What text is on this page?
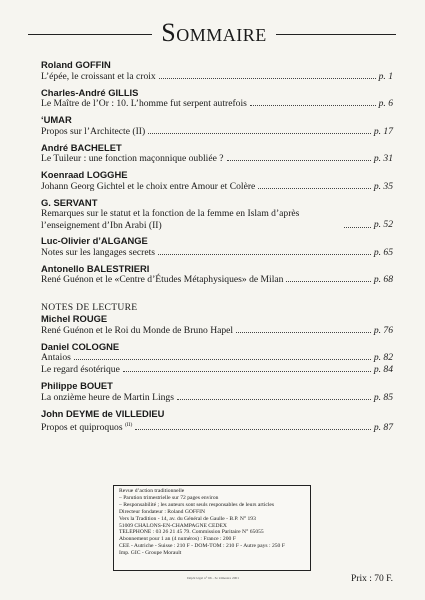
Sommaire
Roland GOFFIN
L’épée, le croissant et la croix	p. 1
Charles-André GILLIS
Le Maître de l’Or : 10. L’homme fut serpent autrefois	p. 6
‘UMAR
Propos sur l’Architecte (II)	p. 17
André BACHELET
Le Tuileur : une fonction maçonnique oubliée ?	p. 31
Koenraad LOGGHE
Johann Georg Gichtel et le choix entre Amour et Colère	p. 35
G. SERVANT
Remarques sur le statut et la fonction de la femme en Islam d’après l’enseignement d’Ibn Arabi (II)	p. 52
Luc-Olivier d’ALGANGE
Notes sur les langages secrets	p. 65
Antonello BALESTRIERI
René Guénon et le «Centre d’Études Métaphysiques» de Milan	p. 68
NOTES DE LECTURE
Michel ROUGE
René Guénon et le Roi du Monde de Bruno Hapel	p. 76
Daniel COLOGNE
Antaios	p. 82
Le regard ésotérique	p. 84
Philippe BOUET
La onzième heure de Martin Lings	p. 85
John DEYME de VILLEDIEU
Propos et quiproquos $^{(II)}$	p. 87
Revue d’action traditionnelle
– Parution trimestrielle sur 72 pages environ
– Responsabilité ; les auteurs sont seuls responsables de leurs articles
Directeur fondateur : Roland GOFFIN
Vers la Tradition - 14, av. du Général de Gaulle - B.P. N° 193
51009 CHÂLONS-EN-CHAMPAGNE CEDEX
TÉLÉPHONE : 03 26 21 45 79. Commission Paritaire N° 65055
Abonnement pour 1 an (4 numéros) : France : 200 F
CEE - Autriche - Suisse : 210 F - DOM-TOM : 210 F - Autre pays : 250 F
Imp. GIC - Groupe Morault
Dépôt légal n° 66 - 3e trimestre 2001	Prix : 70 F.
